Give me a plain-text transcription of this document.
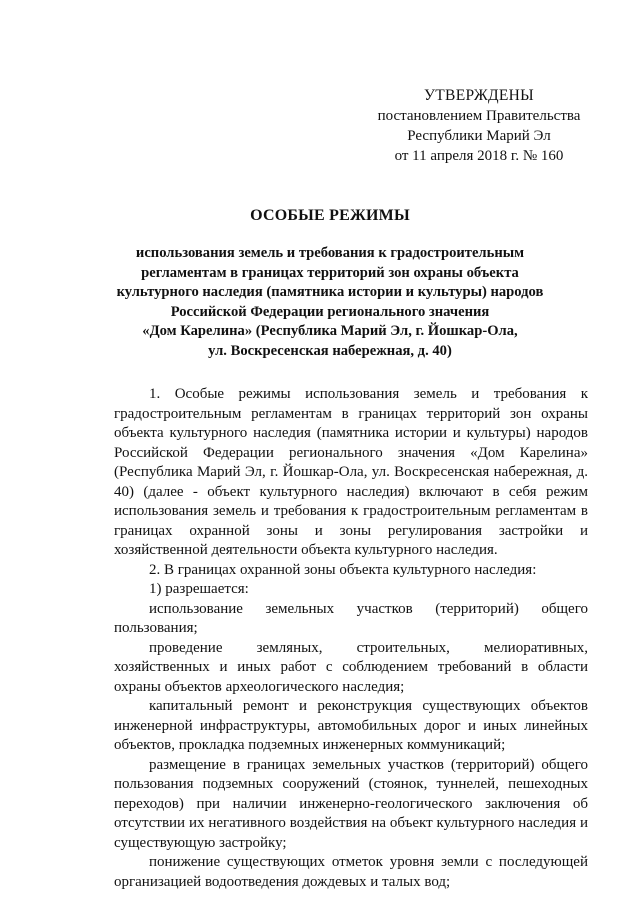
УТВЕРЖДЕНЫ
постановлением Правительства
Республики Марий Эл
от 11 апреля 2018 г. № 160
ОСОБЫЕ РЕЖИМЫ
использования земель и требования к градостроительным
регламентам в границах территорий зон охраны объекта
культурного наследия (памятника истории и культуры) народов
Российской Федерации регионального значения
«Дом Карелина» (Республика Марий Эл, г. Йошкар-Ола,
ул. Воскресенская набережная, д. 40)

1. Особые режимы использования земель и требования к градостроительным регламентам в границах территорий зон охраны объекта культурного наследия (памятника истории и культуры) народов Российской Федерации регионального значения «Дом Карелина» (Республика Марий Эл, г. Йошкар-Ола, ул. Воскресенская набережная, д. 40) (далее - объект культурного наследия) включают в себя режим использования земель и требования к градостроительным регламентам в границах охранной зоны и зоны регулирования застройки и хозяйственной деятельности объекта культурного наследия.

2. В границах охранной зоны объекта культурного наследия:

1) разрешается:

использование земельных участков (территорий) общего пользования;

проведение земляных, строительных, мелиоративных, хозяйственных и иных работ с соблюдением требований в области охраны объектов археологического наследия;

капитальный ремонт и реконструкция существующих объектов инженерной инфраструктуры, автомобильных дорог и иных линейных объектов, прокладка подземных инженерных коммуникаций;

размещение в границах земельных участков (территорий) общего пользования подземных сооружений (стоянок, туннелей, пешеходных переходов) при наличии инженерно-геологического заключения об отсутствии их негативного воздействия на объект культурного наследия и существующую застройку;

понижение существующих отметок уровня земли с последующей организацией водоотведения дождевых и талых вод;
